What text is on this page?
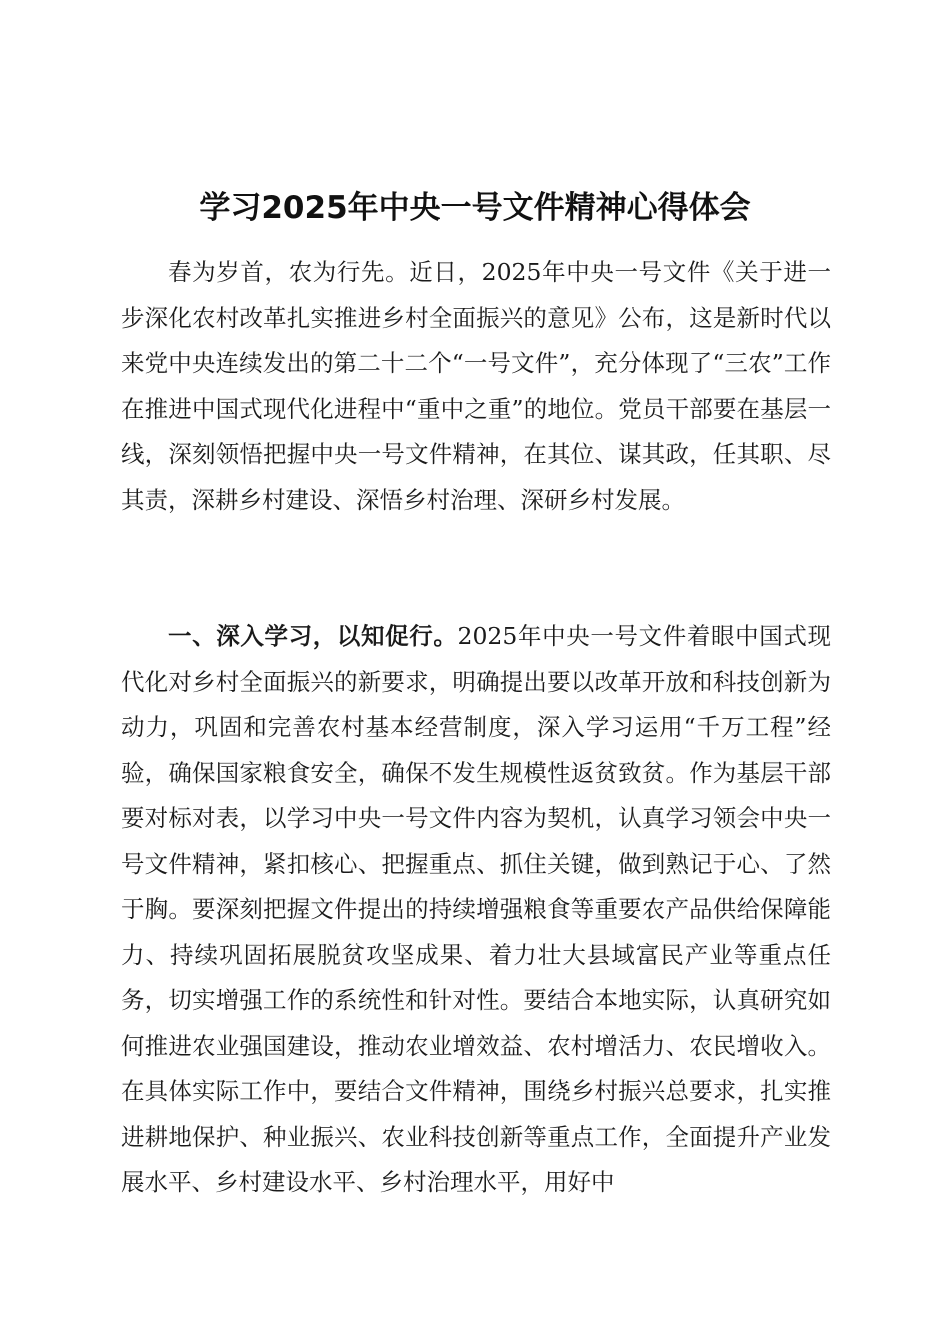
学习2025年中央一号文件精神心得体会

春为岁首，农为行先。近日，2025年中央一号文件《关于进一步深化农村改革扎实推进乡村全面振兴的意见》公布，这是新时代以来党中央连续发出的第二十二个“一号文件”，充分体现了“三农”工作在推进中国式现代化进程中“重中之重”的地位。党员干部要在基层一线，深刻领悟把握中央一号文件精神，在其位、谋其政，任其职、尽其责，深耕乡村建设、深悟乡村治理、深研乡村发展。

一、深入学习，以知促行。2025年中央一号文件着眼中国式现代化对乡村全面振兴的新要求，明确提出要以改革开放和科技创新为动力，巩固和完善农村基本经营制度，深入学习运用“千万工程”经验，确保国家粮食安全，确保不发生规模性返贫致贫。作为基层干部要对标对表，以学习中央一号文件内容为契机，认真学习领会中央一号文件精神，紧扣核心、把握重点、抓住关键，做到熟记于心、了然于胸。要深刻把握文件提出的持续增强粮食等重要农产品供给保障能力、持续巩固拓展脱贫攻坚成果、着力壮大县域富民产业等重点任务，切实增强工作的系统性和针对性。要结合本地实际，认真研究如何推进农业强国建设，推动农业增效益、农村增活力、农民增收入。在具体实际工作中，要结合文件精神，围绕乡村振兴总要求，扎实推进耕地保护、种业振兴、农业科技创新等重点工作，全面提升产业发展水平、乡村建设水平、乡村治理水平，用好中
